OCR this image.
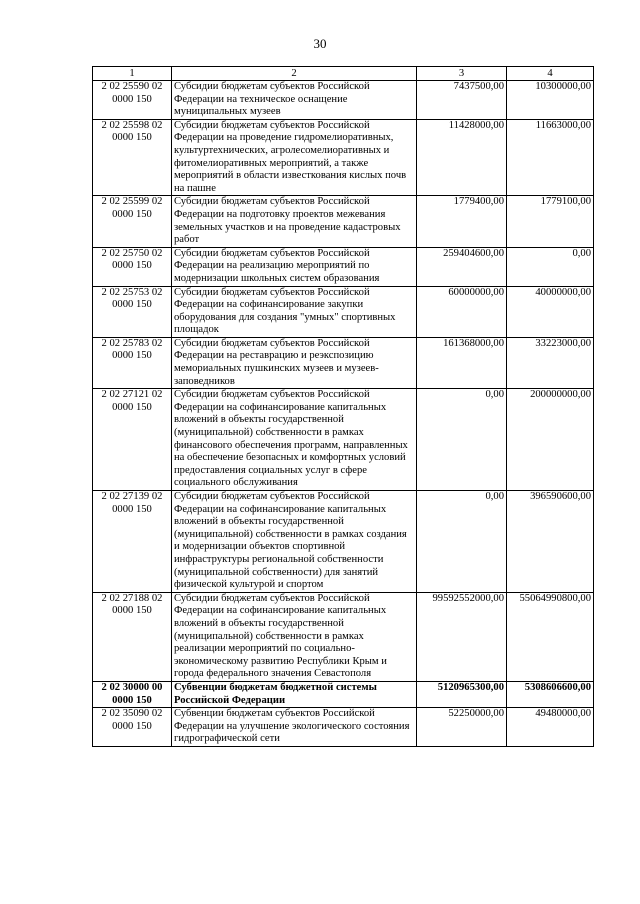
30
1	2	3	4
2 02 25590 02 0000 150	Субсидии бюджетам субъектов Российской Федерации на техническое оснащение муниципальных музеев	7437500,00	10300000,00
2 02 25598 02 0000 150	Субсидии бюджетам субъектов Российской Федерации на проведение гидромелиоративных, культуртехнических, агролесомелиоративных и фитомелиоративных мероприятий, а также мероприятий в области известкования кислых почв на пашне	11428000,00	11663000,00
2 02 25599 02 0000 150	Субсидии бюджетам субъектов Российской Федерации на подготовку проектов межевания земельных участков и на проведение кадастровых работ	1779400,00	1779100,00
2 02 25750 02 0000 150	Субсидии бюджетам субъектов Российской Федерации на реализацию мероприятий по модернизации школьных систем образования	259404600,00	0,00
2 02 25753 02 0000 150	Субсидии бюджетам субъектов Российской Федерации на софинансирование закупки оборудования для создания "умных" спортивных площадок	60000000,00	40000000,00
2 02 25783 02 0000 150	Субсидии бюджетам субъектов Российской Федерации на реставрацию и реэкспозицию мемориальных пушкинских музеев и музеев-заповедников	161368000,00	33223000,00
2 02 27121 02 0000 150	Субсидии бюджетам субъектов Российской Федерации на софинансирование капитальных вложений в объекты государственной (муниципальной) собственности в рамках финансового обеспечения программ, направленных на обеспечение безопасных и комфортных условий предоставления социальных услуг в сфере социального обслуживания	0,00	200000000,00
2 02 27139 02 0000 150	Субсидии бюджетам субъектов Российской Федерации на софинансирование капитальных вложений в объекты государственной (муниципальной) собственности в рамках создания и модернизации объектов спортивной инфраструктуры региональной собственности (муниципальной собственности) для занятий физической культурой и спортом	0,00	396590600,00
2 02 27188 02 0000 150	Субсидии бюджетам субъектов Российской Федерации на софинансирование капитальных вложений в объекты государственной (муниципальной) собственности в рамках реализации мероприятий по социально-экономическому развитию Республики Крым и города федерального значения Севастополя	99592552000,00	55064990800,00
2 02 30000 00 0000 150	Субвенции бюджетам бюджетной системы Российской Федерации	5120965300,00	5308606600,00
2 02 35090 02 0000 150	Субвенции бюджетам субъектов Российской Федерации на улучшение экологического состояния гидрографической сети	52250000,00	49480000,00
